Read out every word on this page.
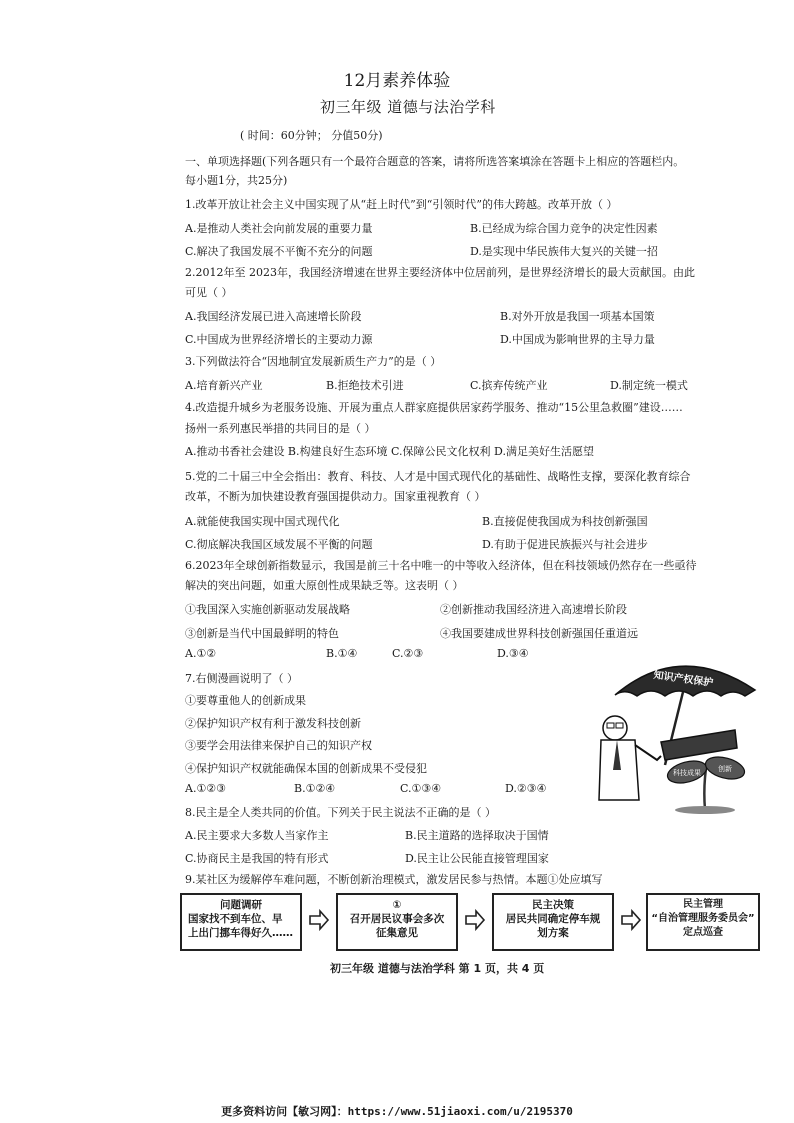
12月素养体验
初三年级 道德与法治学科
( 时间：60分钟； 分值50分)
一、单项选择题(下列各题只有一个最符合题意的答案，请将所选答案填涂在答题卡上相应的答题栏内。
每小题1分，共25分)
1.改革开放让社会主义中国实现了从“赶上时代”到“引领时代”的伟大跨越。改革开放（ ）
A.是推动人类社会向前发展的重要力量	B.已经成为综合国力竞争的决定性因素
C.解决了我国发展不平衡不充分的问题	D.是实现中华民族伟大复兴的关键一招
2.2012年至 2023年，我国经济增速在世界主要经济体中位居前列，是世界经济增长的最大贡献国。由此
可见（ ）
A.我国经济发展已进入高速增长阶段	B.对外开放是我国一项基本国策
C.中国成为世界经济增长的主要动力源	D.中国成为影响世界的主导力量
3.下列做法符合“因地制宜发展新质生产力”的是（ ）
A.培育新兴产业	B.拒绝技术引进	C.摈弃传统产业	D.制定统一模式
4.改造提升城乡为老服务设施、开展为重点人群家庭提供居家药学服务、推动“15公里急救圈”建设……
扬州一系列惠民举措的共同目的是（ ）
A.推动书香社会建设 B.构建良好生态环境 C.保障公民文化权利 D.满足美好生活愿望
5.党的二十届三中全会指出：教育、科技、人才是中国式现代化的基础性、战略性支撑，要深化教育综合
改革，不断为加快建设教育强国提供动力。国家重视教育（ ）
A.就能使我国实现中国式现代化	B.直接促使我国成为科技创新强国
C.彻底解决我国区域发展不平衡的问题	D.有助于促进民族振兴与社会进步
6.2023年全球创新指数显示，我国是前三十名中唯一的中等收入经济体，但在科技领域仍然存在一些亟待
解决的突出问题，如重大原创性成果缺乏等。这表明（ ）
①我国深入实施创新驱动发展战略	②创新推动我国经济进入高速增长阶段
③创新是当代中国最鲜明的特色	④我国要建成世界科技创新强国任重道远
A.①②	B.①④	C.②③	D.③④
7.右侧漫画说明了（ ）
①要尊重他人的创新成果
②保护知识产权有利于激发科技创新
③要学会用法律来保护自己的知识产权
④保护知识产权就能确保本国的创新成果不受侵犯
A.①②③	B.①②④	C.①③④	D.②③④
知识产权保护
科技成果 创新
8.民主是全人类共同的价值。下列关于民主说法不正确的是（ ）
A.民主要求大多数人当家作主	B.民主道路的选择取决于国情
C.协商民主是我国的特有形式	D.民主让公民能直接管理国家
9.某社区为缓解停车难问题，不断创新治理模式，激发居民参与热情。本题①处应填写
问题调研
国家找不到车位、早
上出门挪车得好久……
①
召开居民议事会多次
征集意见
民主决策
居民共同确定停车规
划方案
民主管理
“自治管理服务委员会”
定点巡查
初三年级 道德与法治学科 第 1 页，共 4 页
更多资料访问【敏习网】：https://www.51jiaoxi.com/u/2195370
